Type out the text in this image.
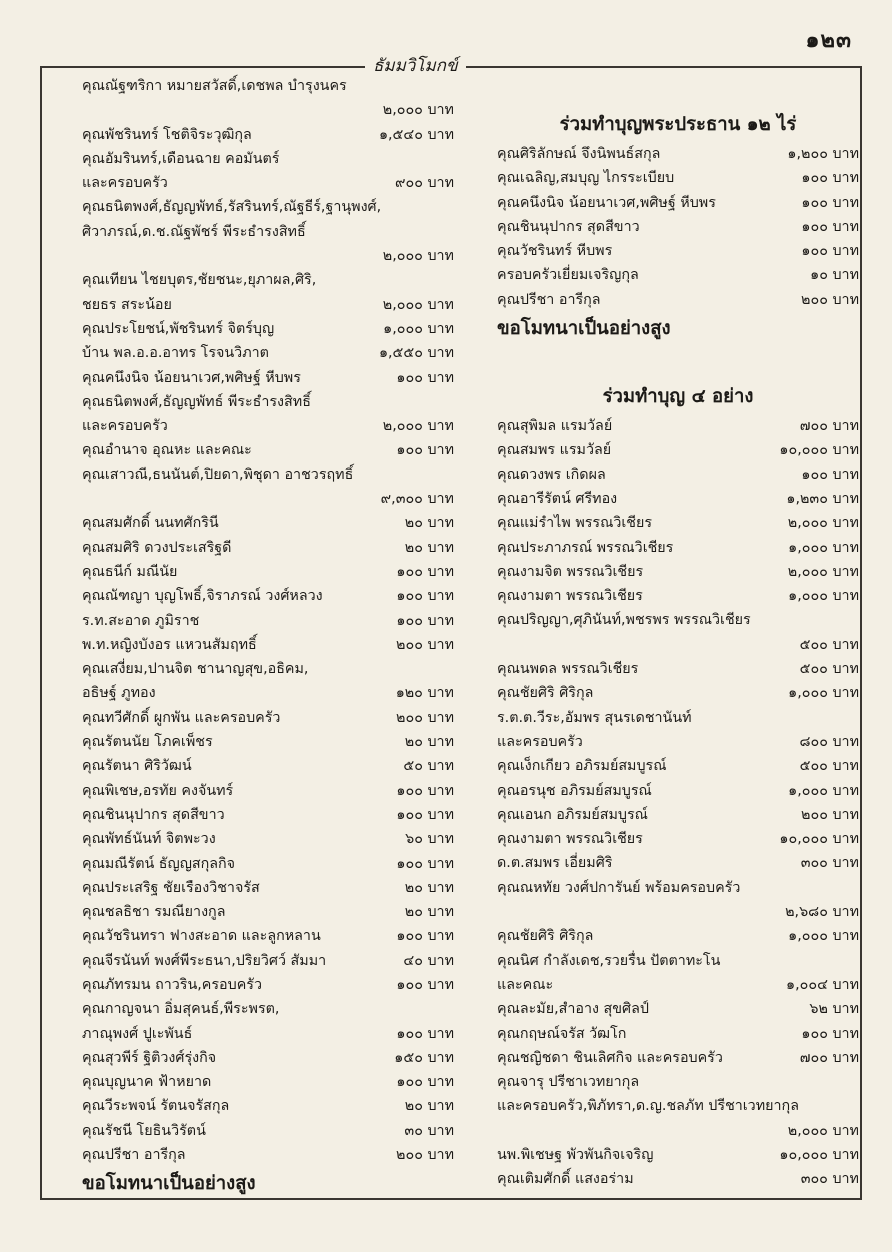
๑๒๓
คุณณัฐฑริกา หมายสวัสดิ์,เดชพล บำรุงนคร
๒,๐๐๐ บาท
คุณพัชรินทร์ โชติจิระวุฒิกุล	๑,๕๔๐ บาท
คุณอัมรินทร์,เดือนฉาย คอมันตร์
และครอบครัว	๙๐๐ บาท
คุณธนิตพงศ์,ธัญญพัทธ์,รัสรินทร์,ณัฐธีร์,ฐานุพงศ์,
ศิวาภรณ์,ด.ช.ณัฐพัชร์ พีระธำรงสิทธิ์
๒,๐๐๐ บาท
คุณเทียน ไชยบุตร,ชัยชนะ,ยุภาผล,ศิริ,
ชยธร สระน้อย	๒,๐๐๐ บาท
คุณประโยชน์,พัชรินทร์ จิตร์บุญ	๑,๐๐๐ บาท
บ้าน พล.อ.อ.อาทร โรจนวิภาต	๑,๕๕๐ บาท
คุณคนึงนิจ น้อยนาเวศ,พศิษฐ์ หีบพร	๑๐๐ บาท
คุณธนิตพงศ์,ธัญญพัทธ์ พีระธำรงสิทธิ์
และครอบครัว	๒,๐๐๐ บาท
คุณอำนาจ อุณหะ และคณะ	๑๐๐ บาท
คุณเสาวณี,ธนนันต์,ปิยดา,พิชุดา อาชวรฤทธิ์
๙,๓๐๐ บาท
คุณสมศักดิ์ นนทศักรินี	๒๐ บาท
คุณสมศิริ ดวงประเสริฐดี	๒๐ บาท
คุณธนีก์ มณีนัย	๑๐๐ บาท
คุณณัฑญา บุญโพธิ์,จิราภรณ์ วงศ์หลวง	๑๐๐ บาท
ร.ท.สะอาด ภูมิราช	๑๐๐ บาท
พ.ท.หญิงบังอร แหวนสัมฤทธิ์	๒๐๐ บาท
คุณเสงี่ยม,ปานจิต ชานาญสุข,อธิคม,
อธิษฐ์ ภูทอง	๑๒๐ บาท
คุณทวีศักดิ์ ผูกพัน และครอบครัว	๒๐๐ บาท
คุณรัตนนัย โภคเพ็ชร	๒๐ บาท
คุณรัตนา ศิริวัฒน์	๕๐ บาท
คุณพิเชษ,อรทัย คงจันทร์	๑๐๐ บาท
คุณชินนุปากร สุดสีขาว	๑๐๐ บาท
คุณพัทธ์นันท์ จิตพะวง	๖๐ บาท
คุณมณีรัตน์ ธัญญสกุลกิจ	๑๐๐ บาท
คุณประเสริฐ ชัยเรืองวิชาจรัส	๒๐ บาท
คุณชลธิชา รมณียางกูล	๒๐ บาท
คุณวัชรินทรา ฟางสะอาด และลูกหลาน	๑๐๐ บาท
คุณจีรนันท์ พงศ์พีระธนา,ปริยวิศว์ สัมมา	๔๐ บาท
คุณภัทรมน ถาวริน,ครอบครัว	๑๐๐ บาท
คุณกาญจนา อิ่มสุคนธ์,พีระพรต,
ภาณุพงศ์ ปูเะพันธ์	๑๐๐ บาท
คุณสุวพีร์ ฐิติวงศ์รุ่งกิจ	๑๕๐ บาท
คุณบุญนาค ฟ้าหยาด	๑๐๐ บาท
คุณวีระพจน์ รัตนจรัสกุล	๒๐ บาท
คุณรัชนี โยธินวิรัตน์	๓๐ บาท
คุณปรีชา อารีกุล	๒๐๐ บาท
ขอโมทนาเป็นอย่างสูง
ร่วมทำบุญพระประธาน ๑๒ ไร่
คุณศิริลักษณ์ จึงนิพนธ์สกุล	๑,๒๐๐ บาท
คุณเฉลิญ,สมบุญ ไกรระเบียบ	๑๐๐ บาท
คุณคนึงนิจ น้อยนาเวศ,พศิษฐ์ หีบพร	๑๐๐ บาท
คุณชินนุปากร สุดสีขาว	๑๐๐ บาท
คุณวัชรินทร์ หีบพร	๑๐๐ บาท
ครอบครัวเยี่ยมเจริญกุล	๑๐ บาท
คุณปรีชา อารีกุล	๒๐๐ บาท
ขอโมทนาเป็นอย่างสูง
ร่วมทำบุญ ๔ อย่าง
คุณสุพิมล แรมวัลย์	๗๐๐ บาท
คุณสมพร แรมวัลย์	๑๐,๐๐๐ บาท
คุณดวงพร เกิดผล	๑๐๐ บาท
คุณอารีรัตน์ ศรีทอง	๑,๒๓๐ บาท
คุณแม่รำไพ พรรณวิเชียร	๒,๐๐๐ บาท
คุณประภาภรณ์ พรรณวิเชียร	๑,๐๐๐ บาท
คุณงามจิต พรรณวิเชียร	๒,๐๐๐ บาท
คุณงามตา พรรณวิเชียร	๑,๐๐๐ บาท
คุณปริญญา,ศุภินันท์,พชรพร พรรณวิเชียร
๕๐๐ บาท
คุณนพดล พรรณวิเชียร	๕๐๐ บาท
คุณชัยศิริ ศิริกุล	๑,๐๐๐ บาท
ร.ต.ต.วีระ,อัมพร สุนรเดชานันท์
และครอบครัว	๘๐๐ บาท
คุณเง็กเกียว อภิรมย์สมบูรณ์	๕๐๐ บาท
คุณอรนุช อภิรมย์สมบูรณ์	๑,๐๐๐ บาท
คุณเอนก อภิรมย์สมบูรณ์	๒๐๐ บาท
คุณงามตา พรรณวิเชียร	๑๐,๐๐๐ บาท
ด.ต.สมพร เอี่ยมศิริ	๓๐๐ บาท
คุณณหทัย วงศ์ปการันย์ พร้อมครอบครัว
๒,๖๘๐ บาท
คุณชัยศิริ ศิริกุล	๑,๐๐๐ บาท
คุณนิศ กำลังเดช,รวยรื่น ปัตตาทะโน
และคณะ	๑,๐๐๔ บาท
คุณละมัย,สำอาง สุขศิลป์	๖๒ บาท
คุณกฤษณ์จรัส วัฒโก	๑๐๐ บาท
คุณชญิชดา ชินเลิศกิจ และครอบครัว	๗๐๐ บาท
คุณจารุ ปรีชาเวทยากุล
และครอบครัว,พิภัทรา,ด.ญ.ชลภัท ปรีชาเวทยากุล
๒,๐๐๐ บาท
นพ.พิเชษฐ พัวพันกิจเจริญ	๑๐,๐๐๐ บาท
คุณเติมศักดิ์ แสงอร่าม	๓๐๐ บาท
ธัมมวิโมกข์
